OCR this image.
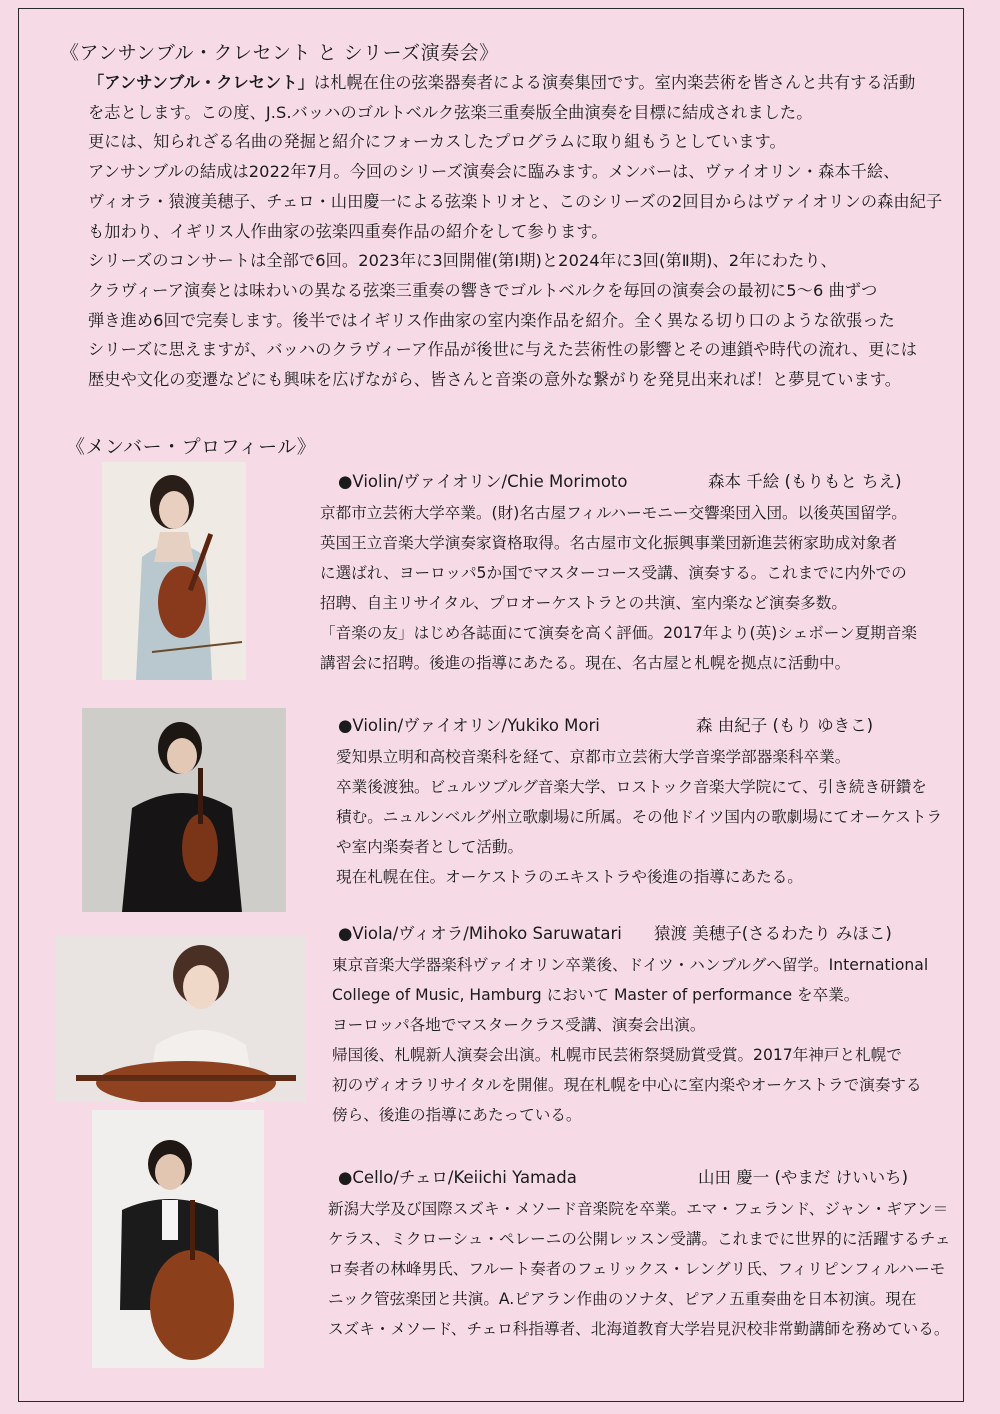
《アンサンブル・クレセント と シリーズ演奏会》

「アンサンブル・クレセント」は札幌在住の弦楽器奏者による演奏集団です。室内楽芸術を皆さんと共有する活動

を志とします。この度、J.S.バッハのゴルトベルク弦楽三重奏版全曲演奏を目標に結成されました。

更には、知られざる名曲の発掘と紹介にフォーカスしたプログラムに取り組もうとしています。

アンサンブルの結成は2022年7月。今回のシリーズ演奏会に臨みます。メンバーは、ヴァイオリン・森本千絵、

ヴィオラ・猿渡美穂子、チェロ・山田慶一による弦楽トリオと、このシリーズの2回目からはヴァイオリンの森由紀子

も加わり、イギリス人作曲家の弦楽四重奏作品の紹介をして参ります。

シリーズのコンサートは全部で6回。2023年に3回開催(第Ⅰ期)と2024年に3回(第Ⅱ期)、2年にわたり、

クラヴィーア演奏とは味わいの異なる弦楽三重奏の響きでゴルトベルクを毎回の演奏会の最初に5～6 曲ずつ

弾き進め6回で完奏します。後半ではイギリス作曲家の室内楽作品を紹介。全く異なる切り口のような欲張った

シリーズに思えますが、バッハのクラヴィーア作品が後世に与えた芸術性の影響とその連鎖や時代の流れ、更には

歴史や文化の変遷などにも興味を広げながら、皆さんと音楽の意外な繋がりを発見出来れば！と夢見ています。

《メンバー・プロフィール》
●Violin/ヴァイオリン/Chie Morimoto	森本 千絵 (もりもと ちえ)

京都市立芸術大学卒業。(財)名古屋フィルハーモニー交響楽団入団。以後英国留学。

英国王立音楽大学演奏家資格取得。名古屋市文化振興事業団新進芸術家助成対象者

に選ばれ、ヨーロッパ5か国でマスターコース受講、演奏する。これまでに内外での

招聘、自主リサイタル、プロオーケストラとの共演、室内楽など演奏多数。

「音楽の友」はじめ各誌面にて演奏を高く評価。2017年より(英)シェボーン夏期音楽

講習会に招聘。後進の指導にあたる。現在、名古屋と札幌を拠点に活動中。

●Violin/ヴァイオリン/Yukiko Mori	森 由紀子 (もり ゆきこ)

愛知県立明和高校音楽科を経て、京都市立芸術大学音楽学部器楽科卒業。

卒業後渡独。ビュルツブルグ音楽大学、ロストック音楽大学院にて、引き続き研鑽を

積む。ニュルンベルグ州立歌劇場に所属。その他ドイツ国内の歌劇場にてオーケストラ

や室内楽奏者として活動。

現在札幌在住。オーケストラのエキストラや後進の指導にあたる。

●Viola/ヴィオラ/Mihoko Saruwatari 猿渡 美穂子(さるわたり みほこ)

東京音楽大学器楽科ヴァイオリン卒業後、ドイツ・ハンブルグへ留学。International

College of Music, Hamburg において Master of performance を卒業。

ヨーロッパ各地でマスタークラス受講、演奏会出演。

帰国後、札幌新人演奏会出演。札幌市民芸術祭奨励賞受賞。2017年神戸と札幌で

初のヴィオラリサイタルを開催。現在札幌を中心に室内楽やオーケストラで演奏する

傍ら、後進の指導にあたっている。

●Cello/チェロ/Keiichi Yamada	山田 慶一 (やまだ けいいち)

新潟大学及び国際スズキ・メソード音楽院を卒業。エマ・フェランド、ジャン・ギアン＝

ケラス、ミクローシュ・ペレーニの公開レッスン受講。これまでに世界的に活躍するチェ

ロ奏者の林峰男氏、フルート奏者のフェリックス・レングリ氏、フィリピンフィルハーモ

ニック管弦楽団と共演。A.ピアラン作曲のソナタ、ピアノ五重奏曲を日本初演。現在

スズキ・メソード、チェロ科指導者、北海道教育大学岩見沢校非常勤講師を務めている。
